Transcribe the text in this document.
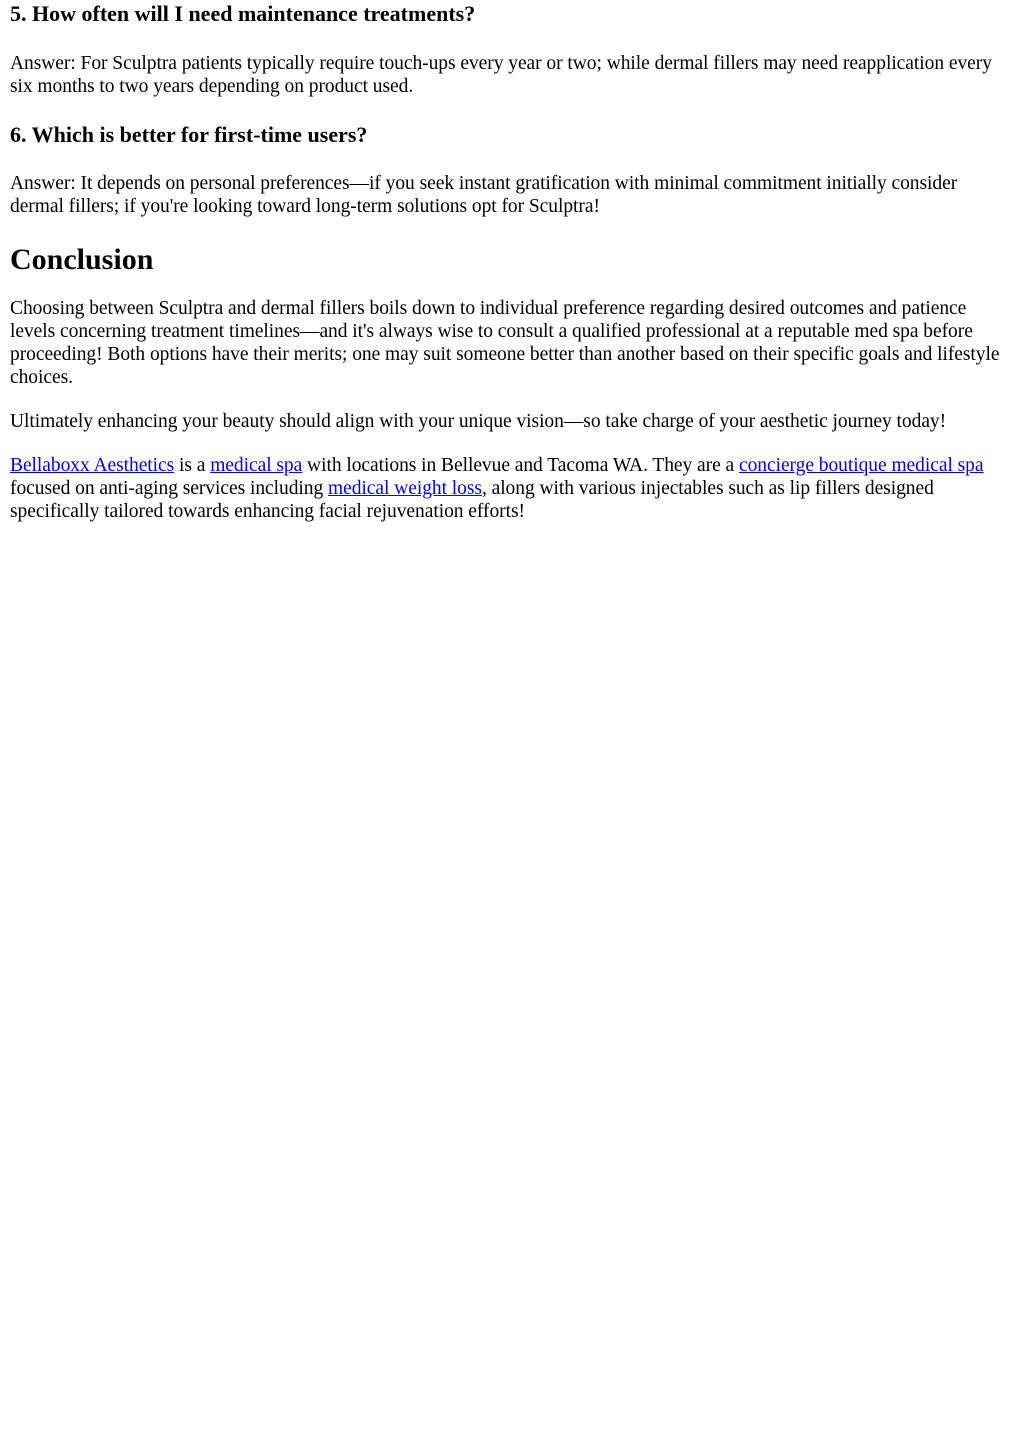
5. How often will I need maintenance treatments?

Answer: For Sculptra patients typically require touch-ups every year or two; while dermal fillers may need reapplication every six months to two years depending on product used.

6. Which is better for first-time users?

Answer: It depends on personal preferences—if you seek instant gratification with minimal commitment initially consider dermal fillers; if you're looking toward long-term solutions opt for Sculptra!

Conclusion

Choosing between Sculptra and dermal fillers boils down to individual preference regarding desired outcomes and patience levels concerning treatment timelines—and it's always wise to consult a qualified professional at a reputable med spa before proceeding! Both options have their merits; one may suit someone better than another based on their specific goals and lifestyle choices.

Ultimately enhancing your beauty should align with your unique vision—so take charge of your aesthetic journey today!

Bellaboxx Aesthetics is a medical spa with locations in Bellevue and Tacoma WA. They are a concierge boutique medical spa focused on anti-aging services including medical weight loss, along with various injectables such as lip fillers designed specifically tailored towards enhancing facial rejuvenation efforts!
